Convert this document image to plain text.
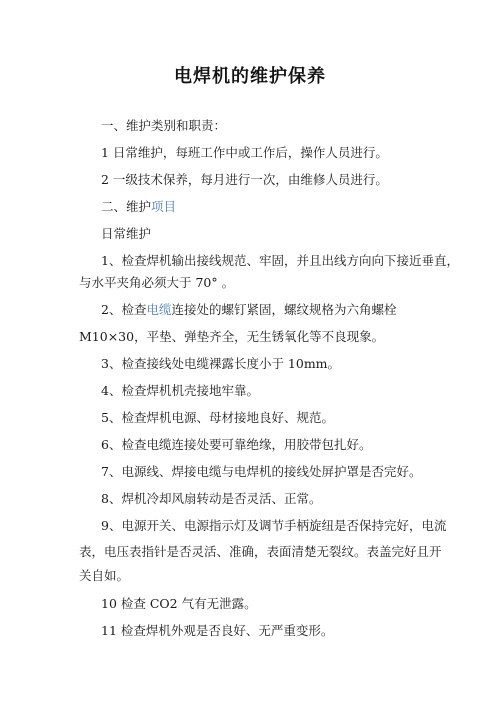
电焊机的维护保养
一、维护类别和职责：
1 日常维护，每班工作中或工作后，操作人员进行。
2 一级技术保养，每月进行一次，由维修人员进行。
二、维护项目
日常维护
1、检查焊机输出接线规范、牢固，并且出线方向向下接近垂直，
与水平夹角必须大于 70° 。
2、检查电缆连接处的螺钉紧固，螺纹规格为六角螺栓
M10×30，平垫、弹垫齐全，无生锈氧化等不良现象。
3、检查接线处电缆裸露长度小于 10mm。
4、检查焊机机壳接地牢靠。
5、检查焊机电源、母材接地良好、规范。
6、检查电缆连接处要可靠绝缘，用胶带包扎好。
7、电源线、焊接电缆与电焊机的接线处屏护罩是否完好。
8、焊机冷却风扇转动是否灵活、正常。
9、电源开关、电源指示灯及调节手柄旋纽是否保持完好，电流
表，电压表指针是否灵活、准确，表面清楚无裂纹。表盖完好且开
关自如。
10 检查 CO2 气有无泄露。
11 检查焊机外观是否良好、无严重变形。
